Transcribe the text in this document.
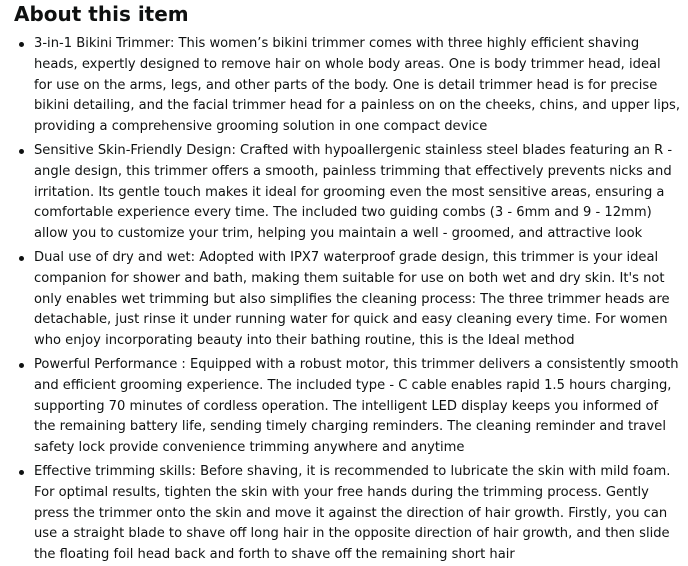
About this item
3-in-1 Bikini Trimmer: This women’s bikini trimmer comes with three highly efficient shaving heads, expertly designed to remove hair on whole body areas. One is body trimmer head, ideal for use on the arms, legs, and other parts of the body. One is detail trimmer head is for precise bikini detailing, and the facial trimmer head for a painless on on the cheeks, chins, and upper lips, providing a comprehensive grooming solution in one compact device
Sensitive Skin-Friendly Design: Crafted with hypoallergenic stainless steel blades featuring an R - angle design, this trimmer offers a smooth, painless trimming that effectively prevents nicks and irritation. Its gentle touch makes it ideal for grooming even the most sensitive areas, ensuring a comfortable experience every time. The included two guiding combs (3 - 6mm and 9 - 12mm) allow you to customize your trim, helping you maintain a well - groomed, and attractive look
Dual use of dry and wet: Adopted with IPX7 waterproof grade design, this trimmer is your ideal companion for shower and bath, making them suitable for use on both wet and dry skin. It's not only enables wet trimming but also simplifies the cleaning process: The three trimmer heads are detachable, just rinse it under running water for quick and easy cleaning every time. For women who enjoy incorporating beauty into their bathing routine, this is the Ideal method
Powerful Performance : Equipped with a robust motor, this trimmer delivers a consistently smooth and efficient grooming experience. The included type - C cable enables rapid 1.5 hours charging, supporting 70 minutes of cordless operation. The intelligent LED display keeps you informed of the remaining battery life, sending timely charging reminders. The cleaning reminder and travel safety lock provide convenience trimming anywhere and anytime
Effective trimming skills: Before shaving, it is recommended to lubricate the skin with mild foam. For optimal results, tighten the skin with your free hands during the trimming process. Gently press the trimmer onto the skin and move it against the direction of hair growth. Firstly, you can use a straight blade to shave off long hair in the opposite direction of hair growth, and then slide the floating foil head back and forth to shave off the remaining short hair
